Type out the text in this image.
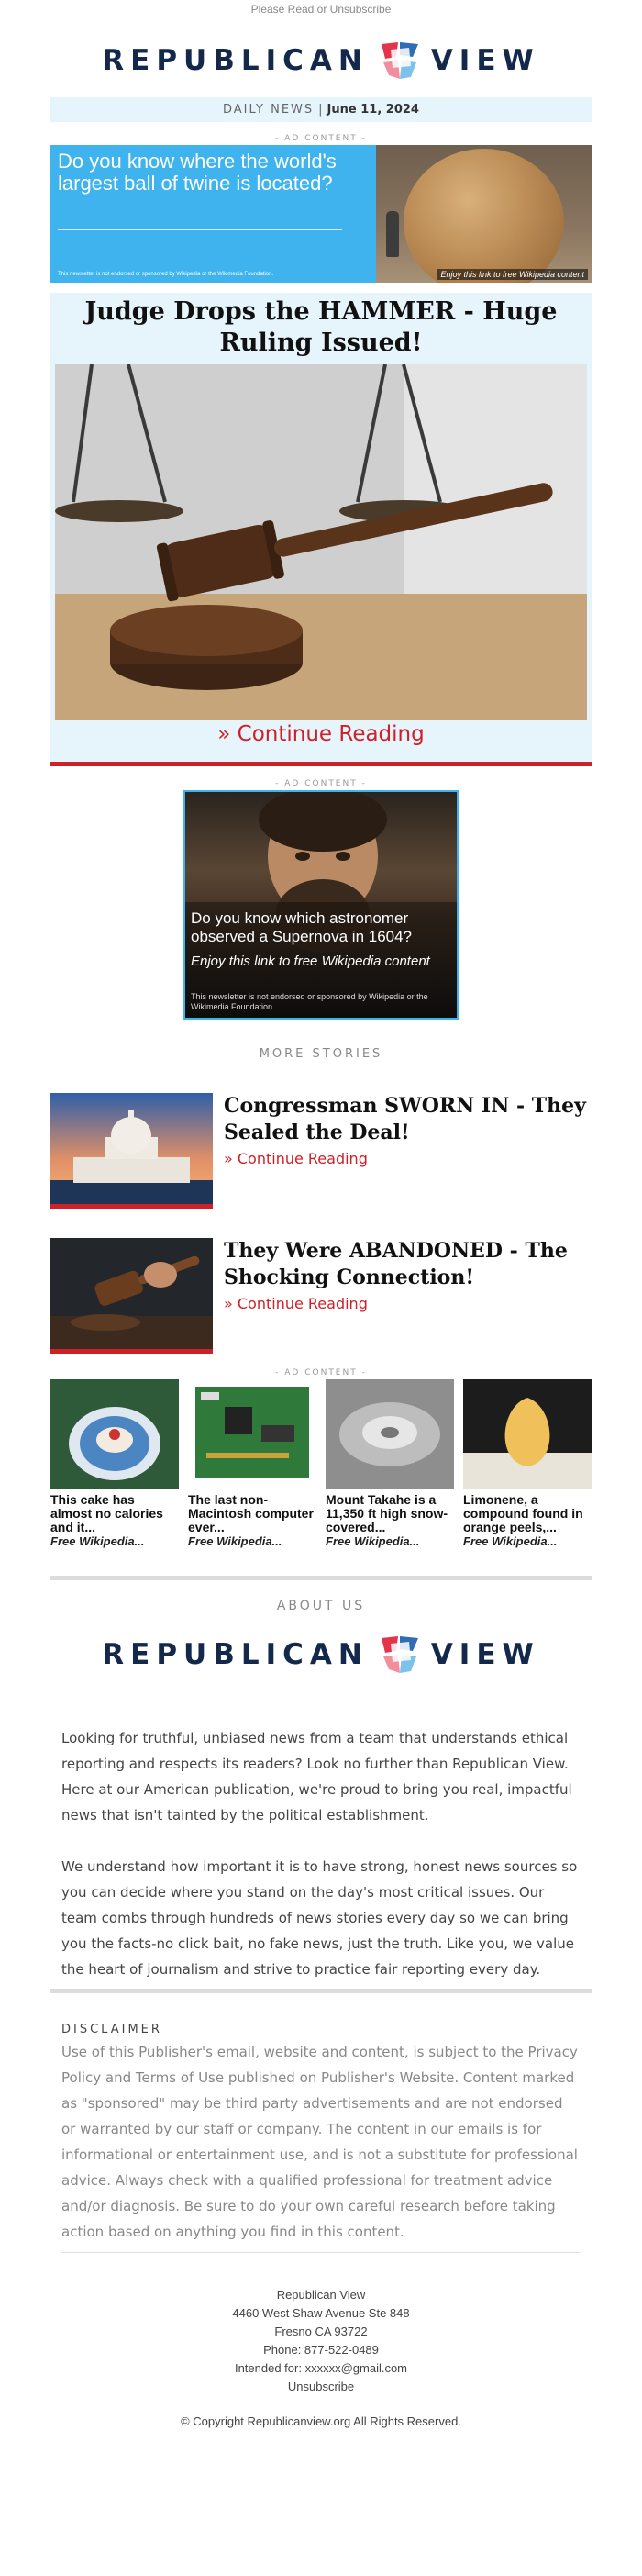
Please Read or Unsubscribe
REPUBLICAN VIEW
DAILY NEWS | June 11, 2024
- AD CONTENT -
Do you know where the world's largest ball of twine is located?
This newsletter is not endorsed or sponsored by Wikipedia or the Wikimedia Foundation.	Enjoy this link to free Wikipedia content
Judge Drops the HAMMER - Huge Ruling Issued!
» Continue Reading
- AD CONTENT -
Do you know which astronomer observed a Supernova in 1604?
Enjoy this link to free Wikipedia content
This newsletter is not endorsed or sponsored by Wikipedia or the Wikimedia Foundation.
MORE STORIES
Congressman SWORN IN - They Sealed the Deal!
» Continue Reading
They Were ABANDONED - The Shocking Connection!
» Continue Reading
- AD CONTENT -
This cake has almost no calories and it...
Free Wikipedia...
The last non-Macintosh computer ever...
Free Wikipedia...
Mount Takahe is a 11,350 ft high snow-covered...
Free Wikipedia...
Limonene, a compound found in orange peels,...
Free Wikipedia...
ABOUT US
REPUBLICAN VIEW

Looking for truthful, unbiased news from a team that understands ethical reporting and respects its readers? Look no further than Republican View. Here at our American publication, we're proud to bring you real, impactful news that isn't tainted by the political establishment.

We understand how important it is to have strong, honest news sources so you can decide where you stand on the day's most critical issues. Our team combs through hundreds of news stories every day so we can bring you the facts-no click bait, no fake news, just the truth. Like you, we value the heart of journalism and strive to practice fair reporting every day.

DISCLAIMER
Use of this Publisher's email, website and content, is subject to the Privacy Policy and Terms of Use published on Publisher's Website. Content marked as "sponsored" may be third party advertisements and are not endorsed or warranted by our staff or company. The content in our emails is for informational or entertainment use, and is not a substitute for professional advice. Always check with a qualified professional for treatment advice and/or diagnosis. Be sure to do your own careful research before taking action based on anything you find in this content.
Republican View
4460 West Shaw Avenue Ste 848
Fresno CA 93722
Phone: 877-522-0489
Intended for: xxxxxx@gmail.com
Unsubscribe
© Copyright Republicanview.org All Rights Reserved.
